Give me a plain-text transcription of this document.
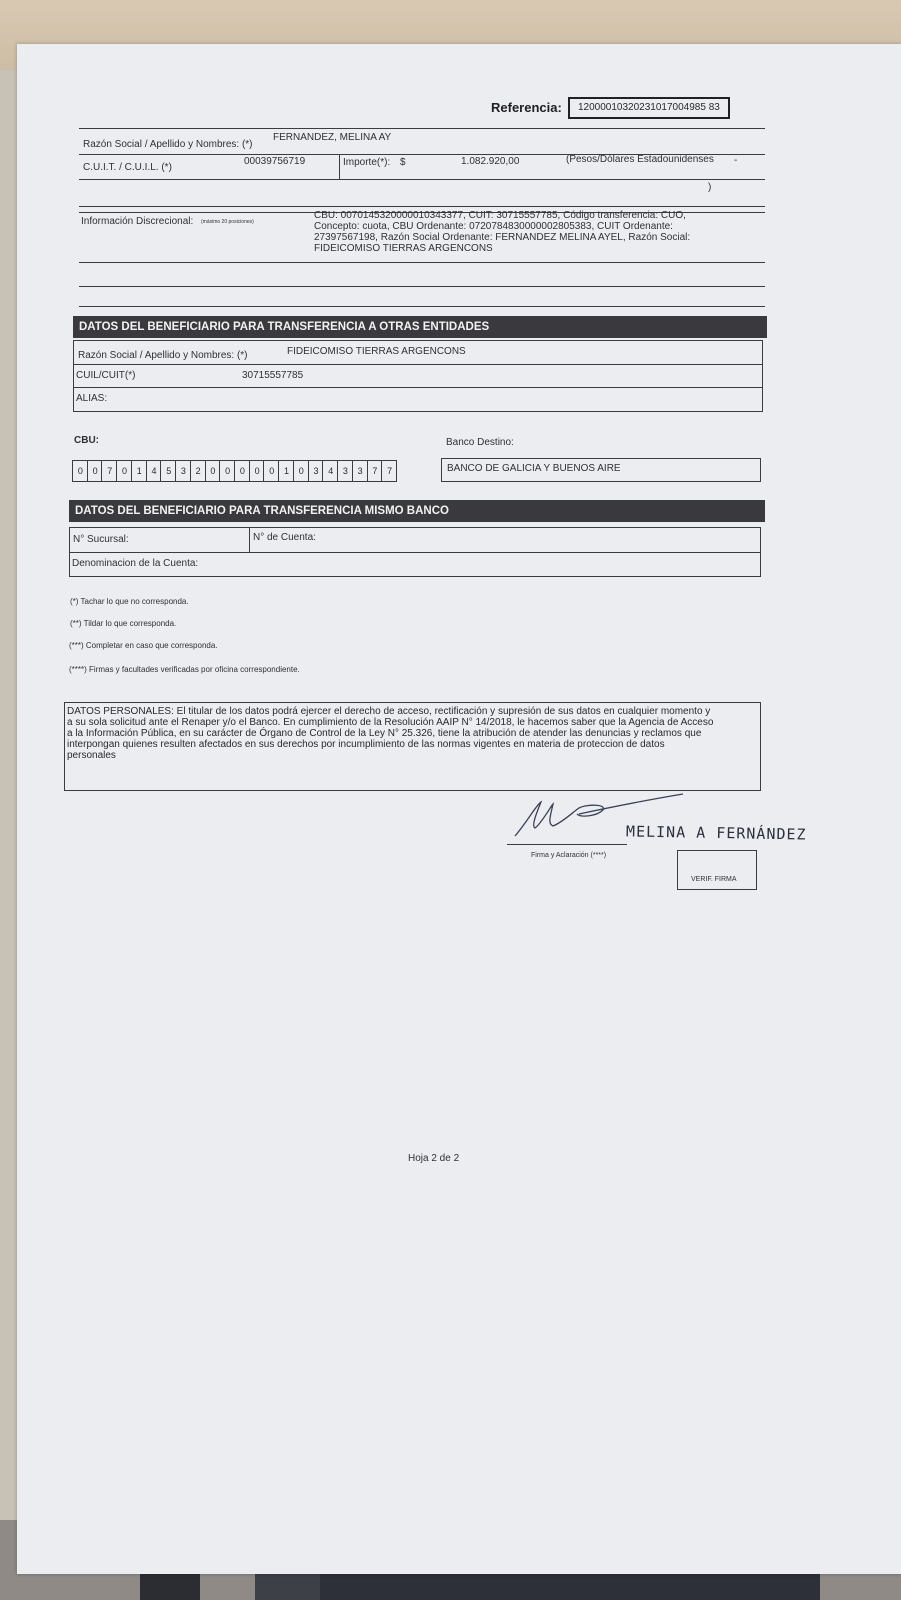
Referencia:	12000010320231017004985 83
Razón Social / Apellido y Nombres: (*)
FERNANDEZ, MELINA AY
C.U.I.T. / C.U.I.L. (*)
00039756719	Importe(*): $	1.082.920,00	(Pesos/Dólares Estadounidenses -
)
Información Discrecional: (máximo 20 posiciones)
CBU: 0070145320000010343377, CUIT: 30715557785, Código transferencia: CUO,
Concepto: cuota, CBU Ordenante: 0720784830000002805383, CUIT Ordenante:
27397567198, Razón Social Ordenante: FERNANDEZ MELINA AYEL, Razón Social:
FIDEICOMISO TIERRAS ARGENCONS
DATOS DEL BENEFICIARIO PARA TRANSFERENCIA A OTRAS ENTIDADES
Razón Social / Apellido y Nombres: (*)	FIDEICOMISO TIERRAS ARGENCONS
CUIL/CUIT(*)	30715557785
ALIAS:
CBU:
0	0	7	0	1	4	5	3	2	0	0	0	0	0	1	0	3	4	3	3	7	7
Banco Destino:
BANCO DE GALICIA Y BUENOS AIRE
DATOS DEL BENEFICIARIO PARA TRANSFERENCIA MISMO BANCO
N° Sucursal:	N° de Cuenta:
Denominacion de la Cuenta:
(*) Tachar lo que no corresponda.
(**) Tildar lo que corresponda.
(***) Completar en caso que corresponda.
(****) Firmas y facultades verificadas por oficina correspondiente.
DATOS PERSONALES: El titular de los datos podrá ejercer el derecho de acceso, rectificación y supresión de sus datos en cualquier momento y
a su sola solicitud ante el Renaper y/o el Banco. En cumplimiento de la Resolución AAIP N° 14/2018, le hacemos saber que la Agencia de Acceso
a la Información Pública, en su carácter de Órgano de Control de la Ley N° 25.326, tiene la atribución de atender las denuncias y reclamos que
interpongan quienes resulten afectados en sus derechos por incumplimiento de las normas vigentes en materia de proteccion de datos
personales
MELINA A FERNÁNDEZ
Firma y Aclaración (****)
VERIF. FIRMA
Hoja 2 de 2
